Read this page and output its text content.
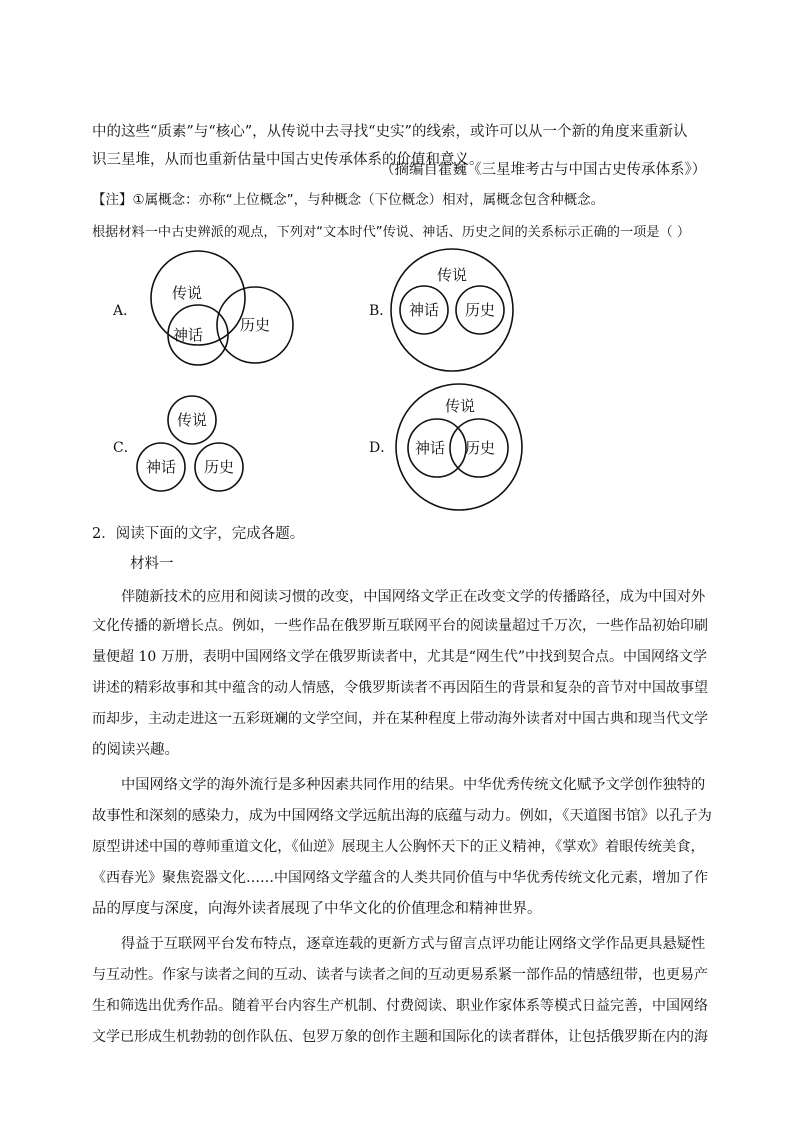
中的这些“质素”与“核心”，从传说中去寻找“史实”的线索，或许可以从一个新的角度来重新认

识三星堆，从而也重新估量中国古史传承体系的价值和意义。

（摘编自霍巍《三星堆考古与中国古史传承体系》）

【注】①属概念：亦称“上位概念”，与种概念（下位概念）相对，属概念包含种概念。

根据材料一中古史辨派的观点，下列对“文本时代”传说、神话、历史之间的关系标示正确的一项是（ ）

A．
传说
神话
历史
B．
传说
神话 历史
C．
传说
神话 历史
D．
传说
神话 历史

2．阅读下面的文字，完成各题。

材料一

伴随新技术的应用和阅读习惯的改变，中国网络文学正在改变文学的传播路径，成为中国对外

文化传播的新增长点。例如，一些作品在俄罗斯互联网平台的阅读量超过千万次，一些作品初始印刷

量便超 10 万册，表明中国网络文学在俄罗斯读者中，尤其是“网生代”中找到契合点。中国网络文学

讲述的精彩故事和其中蕴含的动人情感，令俄罗斯读者不再因陌生的背景和复杂的音节对中国故事望

而却步，主动走进这一五彩斑斓的文学空间，并在某种程度上带动海外读者对中国古典和现当代文学

的阅读兴趣。

中国网络文学的海外流行是多种因素共同作用的结果。中华优秀传统文化赋予文学创作独特的

故事性和深刻的感染力，成为中国网络文学远航出海的底蕴与动力。例如，《天道图书馆》以孔子为

原型讲述中国的尊师重道文化，《仙逆》展现主人公胸怀天下的正义精神，《掌欢》着眼传统美食，

《西春光》聚焦瓷器文化……中国网络文学蕴含的人类共同价值与中华优秀传统文化元素，增加了作

品的厚度与深度，向海外读者展现了中华文化的价值理念和精神世界。

得益于互联网平台发布特点，逐章连载的更新方式与留言点评功能让网络文学作品更具悬疑性

与互动性。作家与读者之间的互动、读者与读者之间的互动更易系紧一部作品的情感纽带，也更易产

生和筛选出优秀作品。随着平台内容生产机制、付费阅读、职业作家体系等模式日益完善，中国网络

文学已形成生机勃勃的创作队伍、包罗万象的创作主题和国际化的读者群体，让包括俄罗斯在内的海
